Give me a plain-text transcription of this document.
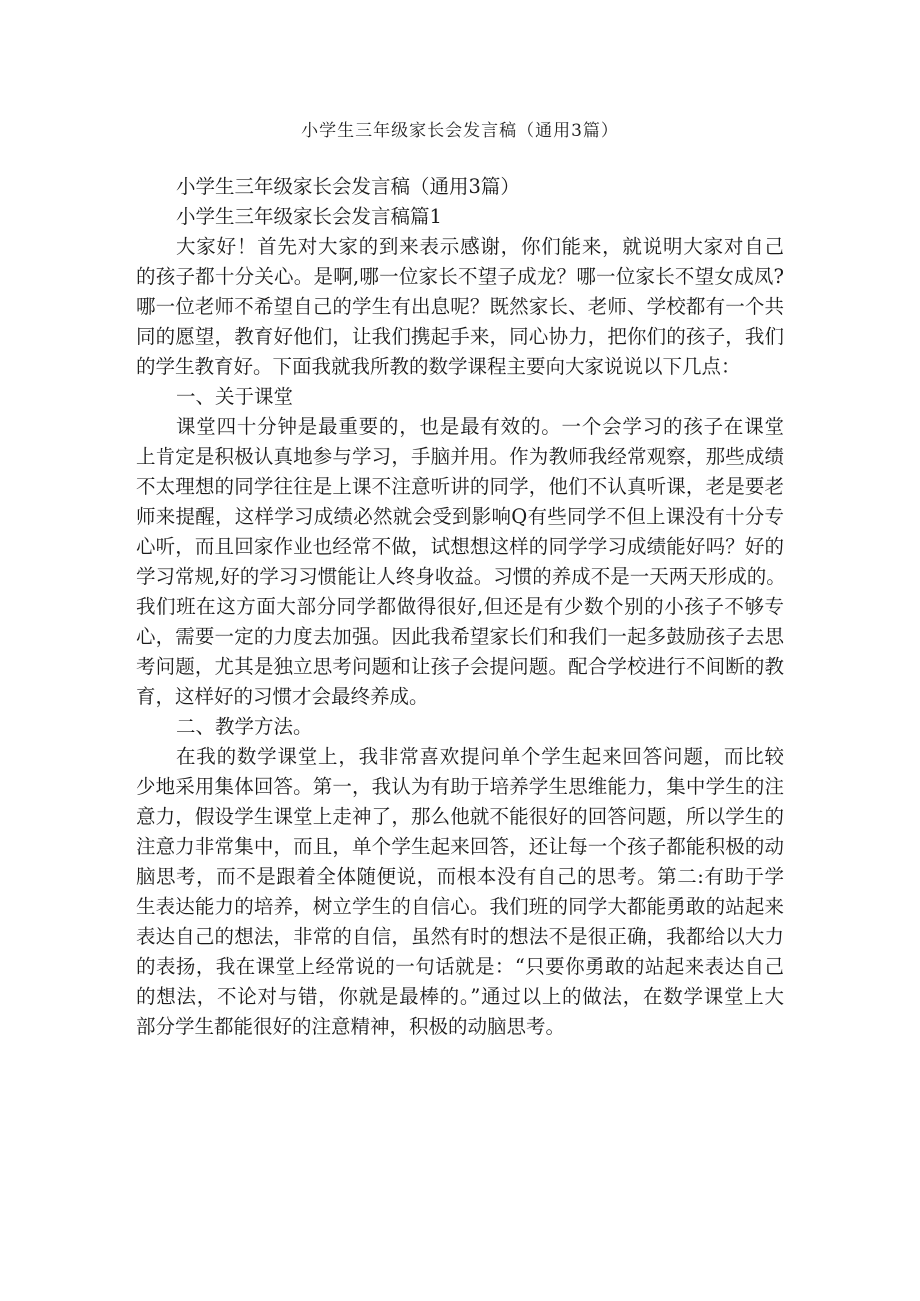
小学生三年级家长会发言稿（通用3篇）

小学生三年级家长会发言稿（通用3篇）

小学生三年级家长会发言稿篇1

大家好！首先对大家的到来表示感谢，你们能来，就说明大家对自己

的孩子都十分关心。是啊,哪一位家长不望子成龙？哪一位家长不望女成凤?

哪一位老师不希望自己的学生有出息呢？既然家长、老师、学校都有一个共

同的愿望，教育好他们，让我们携起手来，同心协力，把你们的孩子，我们

的学生教育好。下面我就我所教的数学课程主要向大家说说以下几点：

一、关于课堂

课堂四十分钟是最重要的，也是最有效的。一个会学习的孩子在课堂

上肯定是积极认真地参与学习，手脑并用。作为教师我经常观察，那些成绩

不太理想的同学往往是上课不注意听讲的同学，他们不认真听课，老是要老

师来提醒，这样学习成绩必然就会受到影响Q有些同学不但上课没有十分专

心听，而且回家作业也经常不做，试想想这样的同学学习成绩能好吗？好的

学习常规,好的学习习惯能让人终身收益。习惯的养成不是一天两天形成的。

我们班在这方面大部分同学都做得很好,但还是有少数个别的小孩子不够专

心，需要一定的力度去加强。因此我希望家长们和我们一起多鼓励孩子去思

考问题，尤其是独立思考问题和让孩子会提问题。配合学校进行不间断的教

育，这样好的习惯才会最终养成。

二、教学方法。

在我的数学课堂上，我非常喜欢提问单个学生起来回答问题，而比较

少地采用集体回答。第一，我认为有助于培养学生思维能力，集中学生的注

意力，假设学生课堂上走神了，那么他就不能很好的回答问题，所以学生的

注意力非常集中，而且，单个学生起来回答，还让每一个孩子都能积极的动

脑思考，而不是跟着全体随便说，而根本没有自己的思考。第二:有助于学

生表达能力的培养，树立学生的自信心。我们班的同学大都能勇敢的站起来

表达自己的想法，非常的自信，虽然有时的想法不是很正确，我都给以大力

的表扬，我在课堂上经常说的一句话就是：“只要你勇敢的站起来表达自己

的想法，不论对与错，你就是最棒的。”通过以上的做法，在数学课堂上大

部分学生都能很好的注意精神，积极的动脑思考。
